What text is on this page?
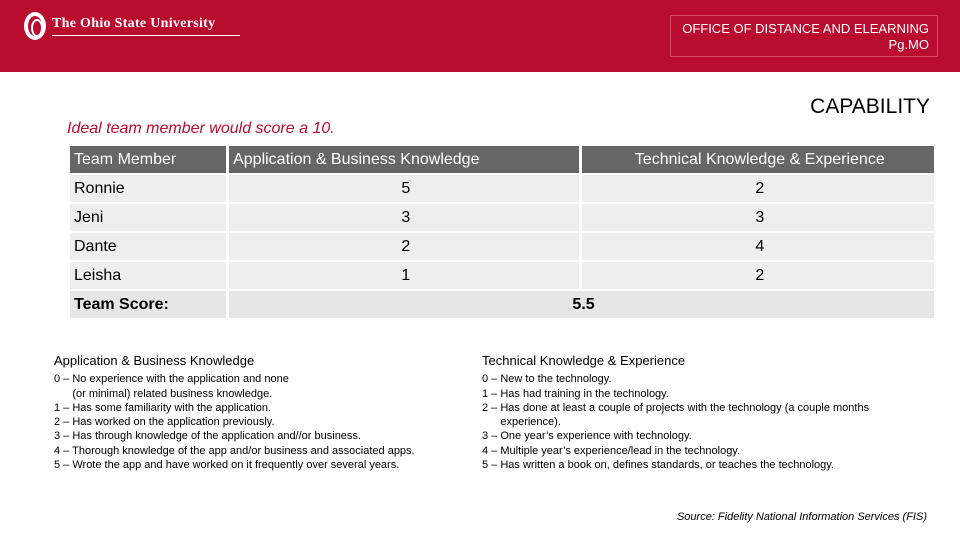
The Ohio State University	OFFICE OF DISTANCE AND ELEARNING
Pg.MO
CAPABILITY
Ideal team member would score a 10.
Team Member	Application & Business Knowledge	Technical Knowledge & Experience
Ronnie	5	2
Jeni	3	3
Dante	2	4
Leisha	1	2
Team Score:	5.5	
Application & Business Knowledge
0 – No experience with the application and none
(or minimal) related business knowledge.
1 – Has some familiarity with the application.
2 – Has worked on the application previously.
3 – Has through knowledge of the application and//or business.
4 – Thorough knowledge of the app and/or business and associated apps.
5 – Wrote the app and have worked on it frequently over several years.
Technical Knowledge & Experience
0 – New to the technology.
1 – Has had training in the technology.
2 – Has done at least a couple of projects with the technology (a couple months
experience).
3 – One year’s experience with technology.
4 – Multiple year’s experience/lead in the technology.
5 – Has written a book on, defines standards, or teaches the technology.
Source: Fidelity National Information Services (FIS)
